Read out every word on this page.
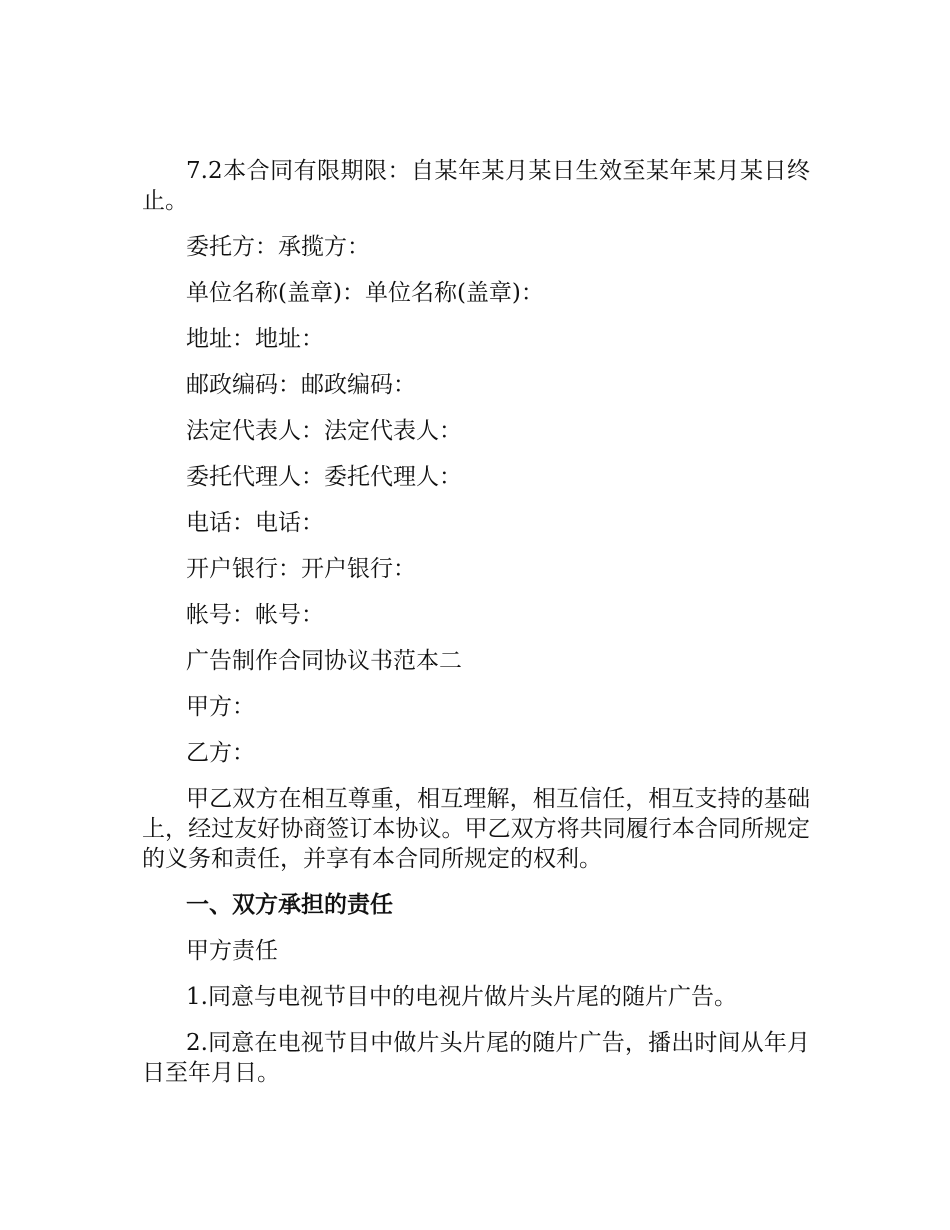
7.2本合同有限期限：自某年某月某日生效至某年某月某日终止。

委托方：承揽方：

单位名称(盖章)：单位名称(盖章)：

地址：地址：

邮政编码：邮政编码：

法定代表人：法定代表人：

委托代理人：委托代理人：

电话：电话：

开户银行：开户银行：

帐号：帐号：

广告制作合同协议书范本二

甲方：

乙方：

甲乙双方在相互尊重，相互理解，相互信任，相互支持的基础上，经过友好协商签订本协议。甲乙双方将共同履行本合同所规定的义务和责任，并享有本合同所规定的权利。

一、双方承担的责任

甲方责任

1.同意与电视节目中的电视片做片头片尾的随片广告。

2.同意在电视节目中做片头片尾的随片广告，播出时间从年月日至年月日。
